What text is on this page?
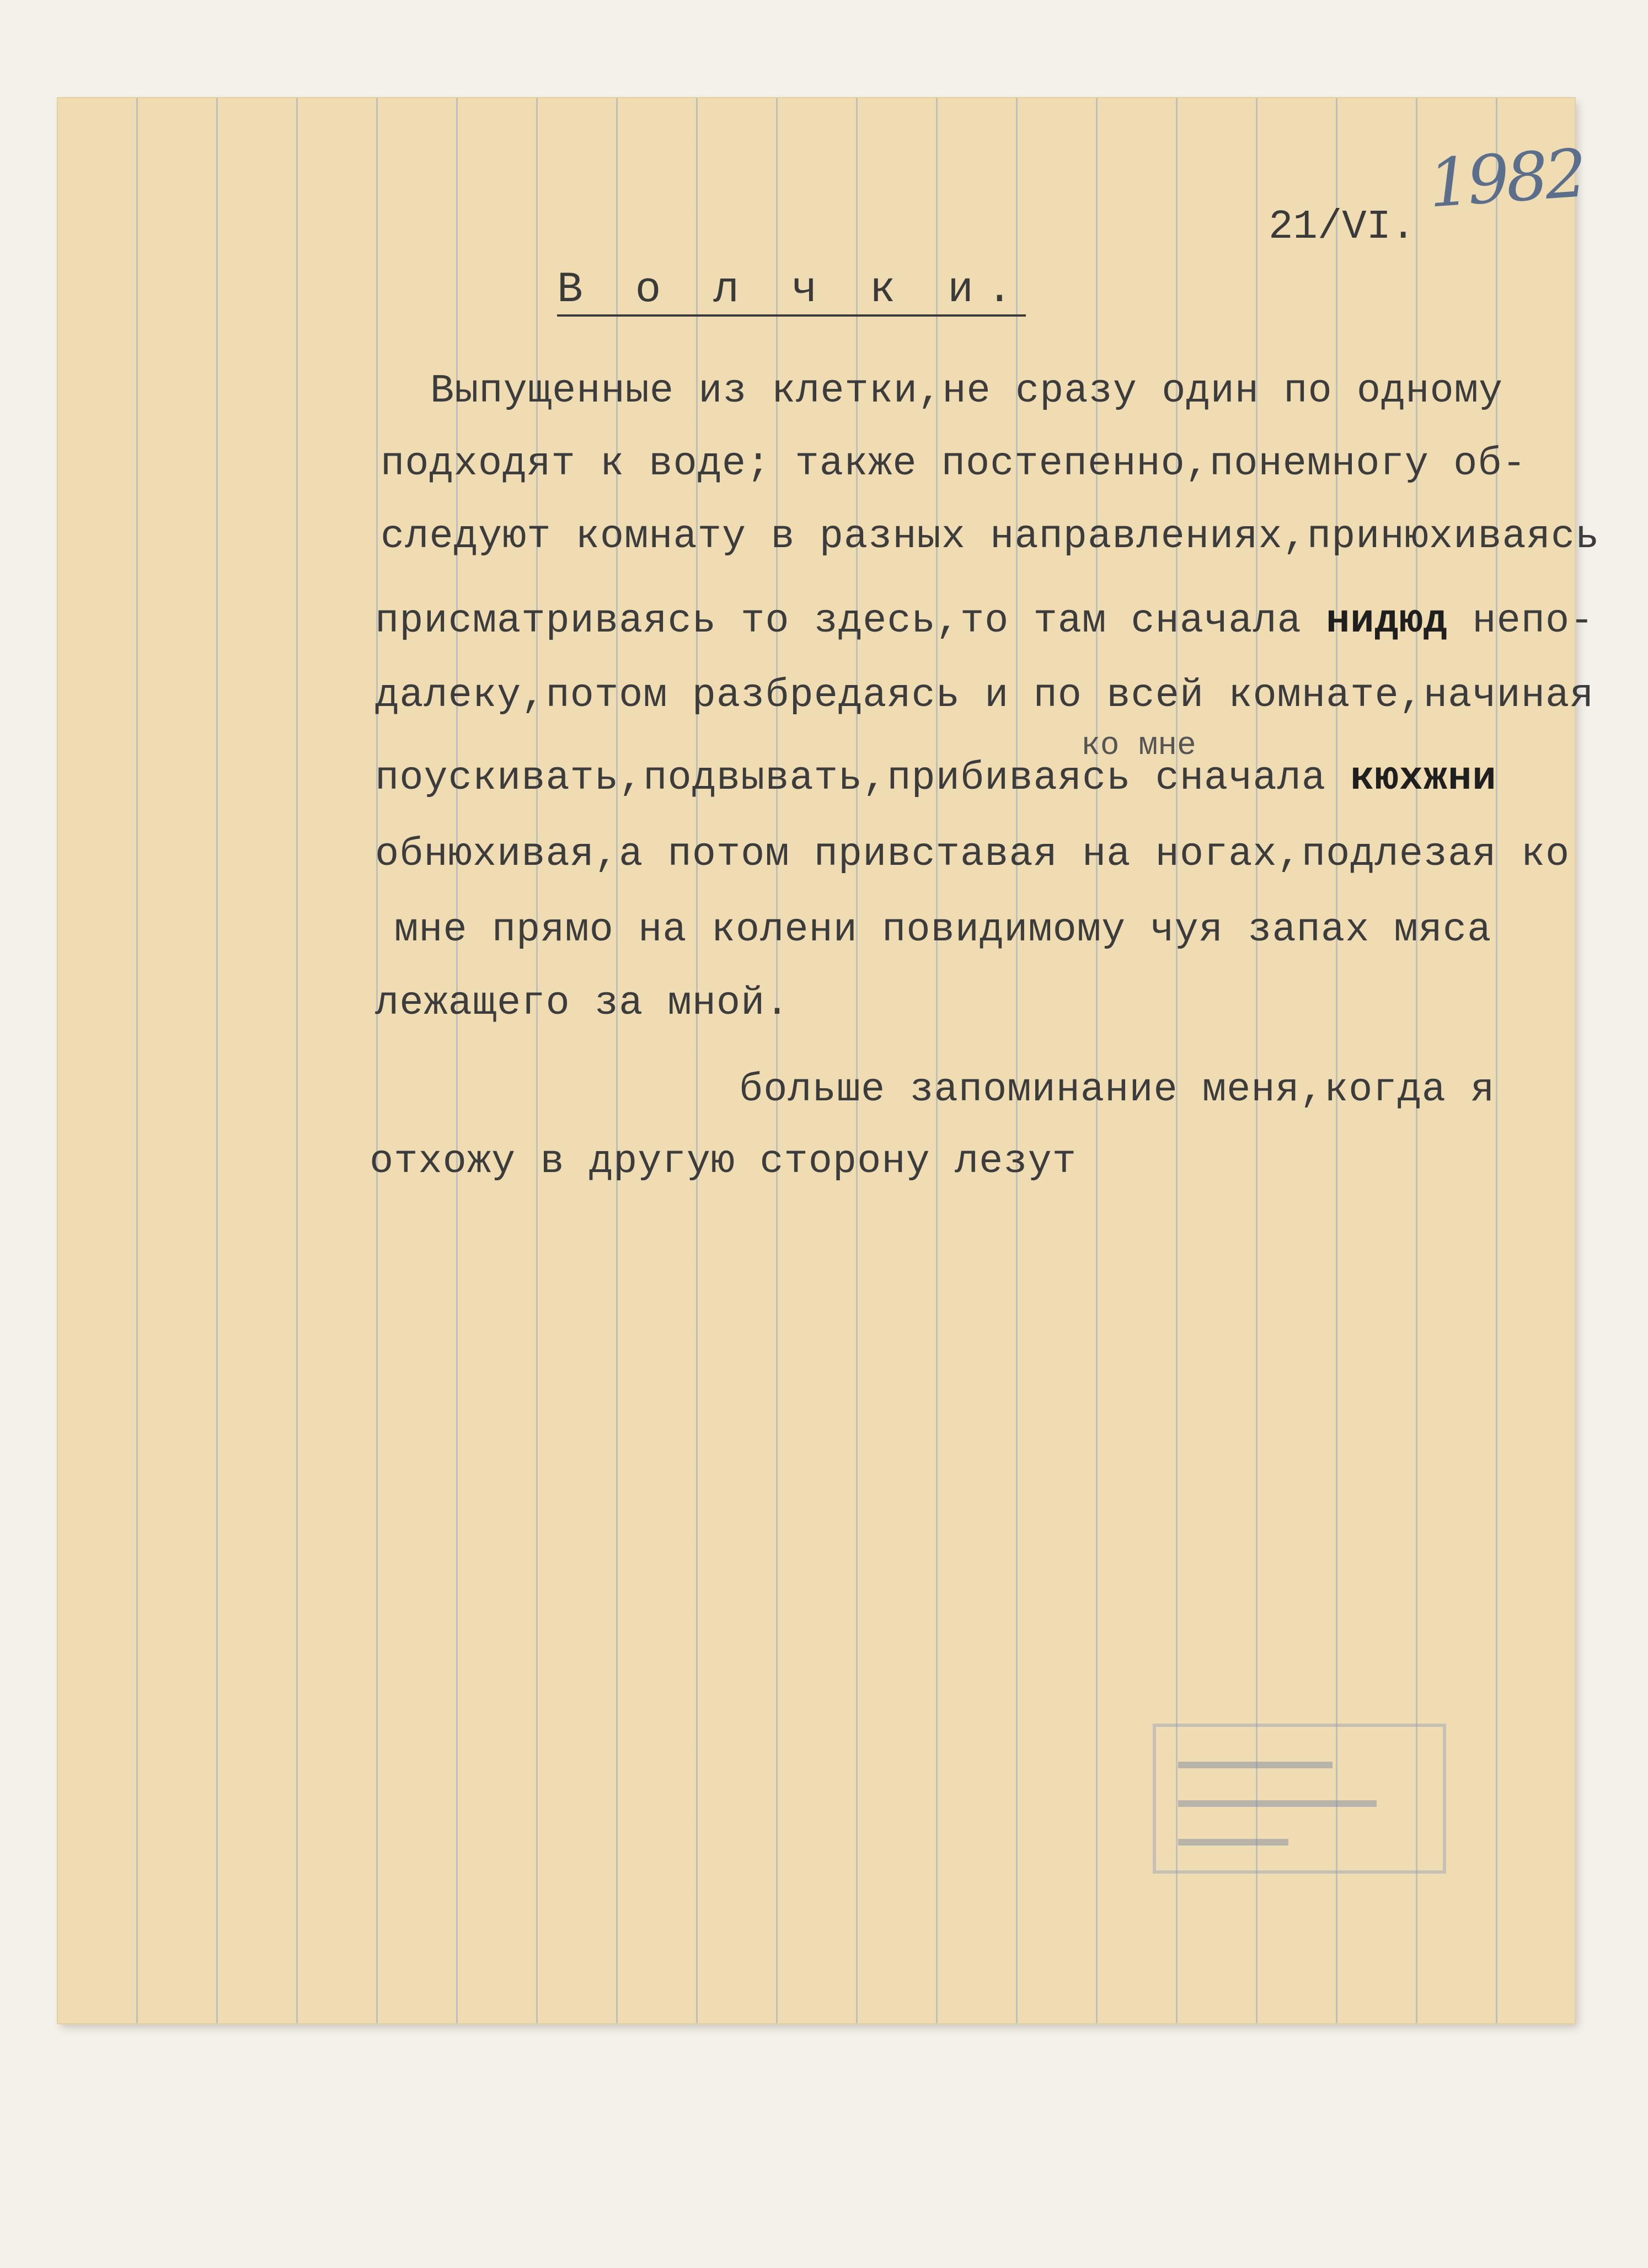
1982
21/VI.
В о л ч к и.
Выпущенные из клетки,не сразу один по одному
подходят к воде; также постепенно,понемногу об-
следуют комнату в разных направлениях,принюхиваясь
присматриваясь то здесь,то там сначала нидюд непо-
далеку,потом разбредаясь и по всей комнате,начиная
ко мне
поускивать,подвывать,прибиваясь сначала кюхжни
обнюхивая,а потом привставая на ногах,подлезая ко
мне прямо на колени повидимому чуя запах мяса
лежащего за мной.
больше запоминание меня,когда я
отхожу в другую сторону лезут
▬▬▬▬▬▬▬
▬▬▬▬▬▬▬▬▬
▬▬▬▬▬
